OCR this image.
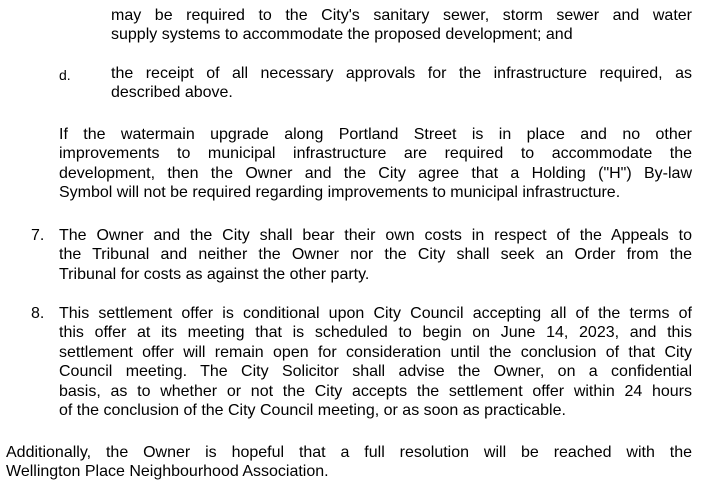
may be required to the City's sanitary sewer, storm sewer and water
supply systems to accommodate the proposed development; and
d.	the receipt of all necessary approvals for the infrastructure required, as
described above.
If the watermain upgrade along Portland Street is in place and no other
improvements to municipal infrastructure are required to accommodate the
development, then the Owner and the City agree that a Holding ("H") By-law
Symbol will not be required regarding improvements to municipal infrastructure.
7. The Owner and the City shall bear their own costs in respect of the Appeals to
the Tribunal and neither the Owner nor the City shall seek an Order from the
Tribunal for costs as against the other party.
8. This settlement offer is conditional upon City Council accepting all of the terms of
this offer at its meeting that is scheduled to begin on June 14, 2023, and this
settlement offer will remain open for consideration until the conclusion of that City
Council meeting. The City Solicitor shall advise the Owner, on a confidential
basis, as to whether or not the City accepts the settlement offer within 24 hours
of the conclusion of the City Council meeting, or as soon as practicable.
Additionally, the Owner is hopeful that a full resolution will be reached with the
Wellington Place Neighbourhood Association.
